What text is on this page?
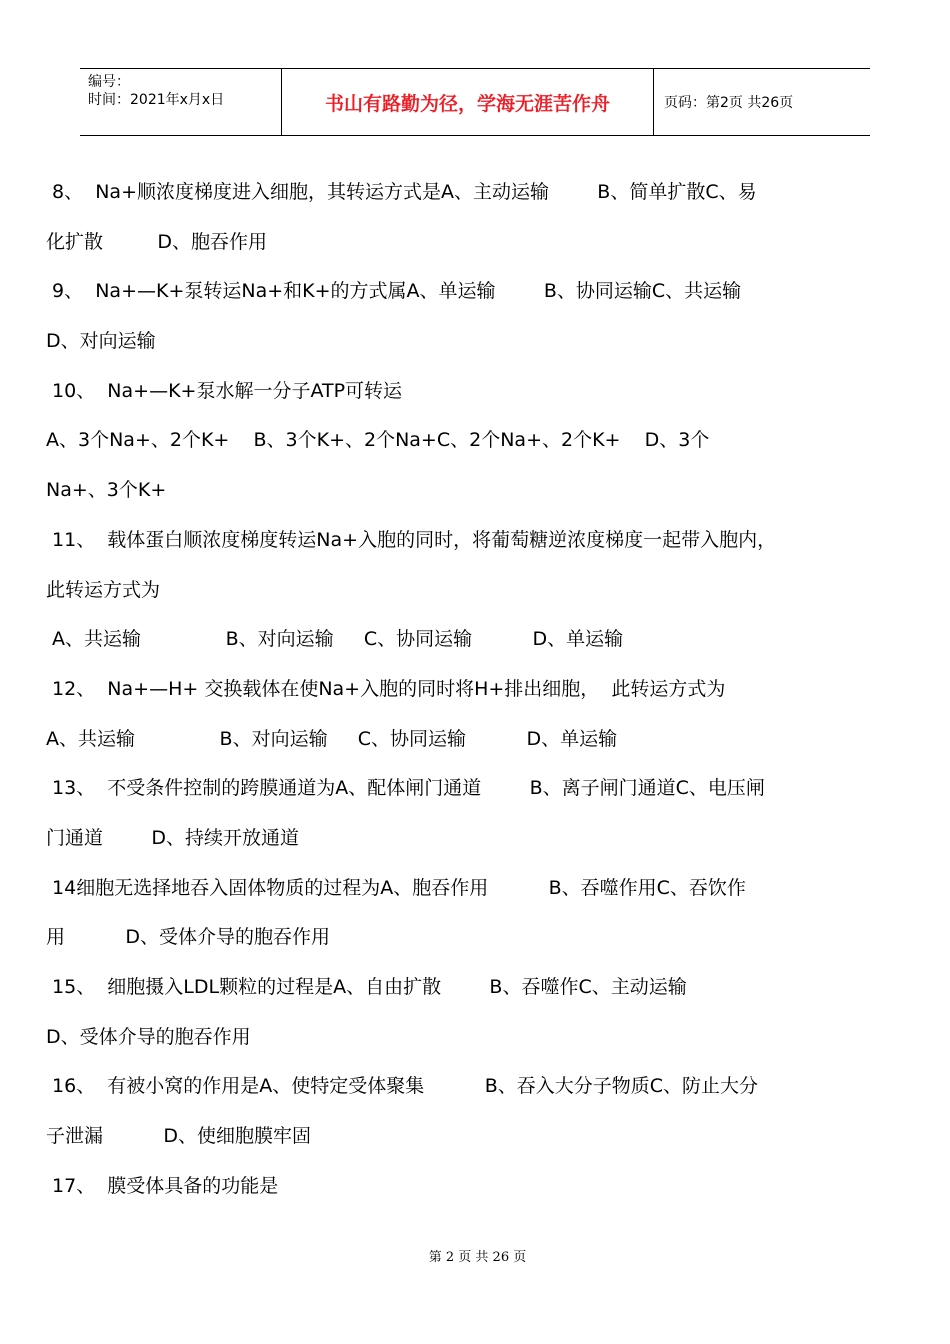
编号：
时间：2021年x月x日	书山有路勤为径，学海无涯苦作舟	页码：第2页 共26页
8、  Na+顺浓度梯度进入细胞，其转运方式是A、主动运输        B、简单扩散C、易
化扩散         D、胞吞作用
9、  Na+—K+泵转运Na+和K+的方式属A、单运输        B、协同运输C、共运输
D、对向运输
10、  Na+—K+泵水解一分子ATP可转运
A、3个Na+、2个K+    B、3个K+、2个Na+C、2个Na+、2个K+    D、3个
Na+、3个K+
11、  载体蛋白顺浓度梯度转运Na+入胞的同时，将葡萄糖逆浓度梯度一起带入胞内，
此转运方式为
A、共运输              B、对向运输     C、协同运输          D、单运输
12、  Na+—H+ 交换载体在使Na+入胞的同时将H+排出细胞，  此转运方式为
A、共运输              B、对向运输     C、协同运输          D、单运输
13、  不受条件控制的跨膜通道为A、配体闸门通道        B、离子闸门通道C、电压闸
门通道        D、持续开放通道
14细胞无选择地吞入固体物质的过程为A、胞吞作用          B、吞噬作用C、吞饮作
用          D、受体介导的胞吞作用
15、  细胞摄入LDL颗粒的过程是A、自由扩散        B、吞噬作C、主动运输
D、受体介导的胞吞作用
16、  有被小窝的作用是A、使特定受体聚集          B、吞入大分子物质C、防止大分
子泄漏          D、使细胞膜牢固
17、  膜受体具备的功能是
第 2 页 共 26 页
